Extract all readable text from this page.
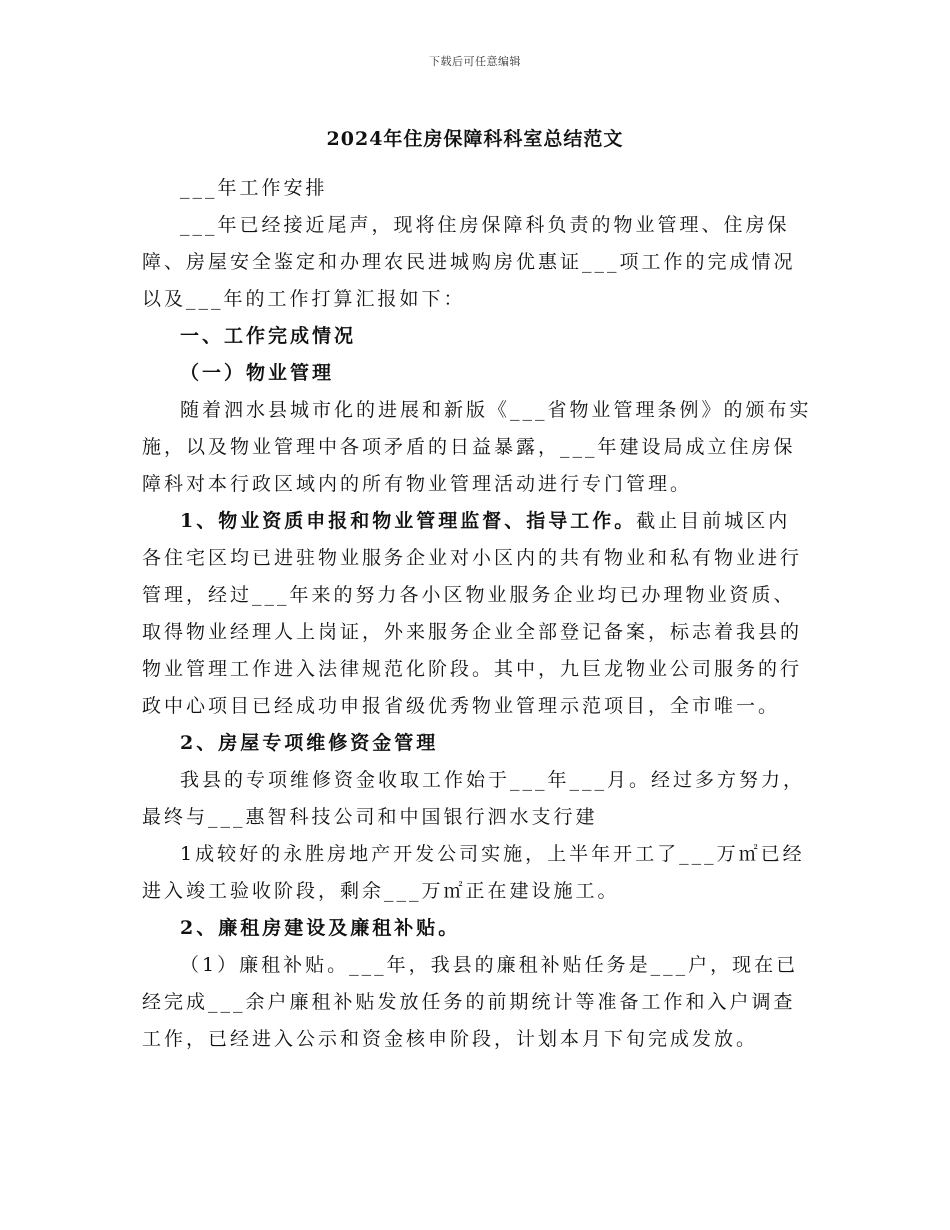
下载后可任意编辑
2024年住房保障科科室总结范文

___年工作安排

___年已经接近尾声，现将住房保障科负责的物业管理、住房保障、房屋安全鉴定和办理农民进城购房优惠证___项工作的完成情况以及___年的工作打算汇报如下：

一、工作完成情况

（一）物业管理

随着泗水县城市化的进展和新版《___省物业管理条例》的颁布实施，以及物业管理中各项矛盾的日益暴露，___年建设局成立住房保障科对本行政区域内的所有物业管理活动进行专门管理。

1、物业资质申报和物业管理监督、指导工作。截止目前城区内各住宅区均已进驻物业服务企业对小区内的共有物业和私有物业进行管理，经过___年来的努力各小区物业服务企业均已办理物业资质、取得物业经理人上岗证，外来服务企业全部登记备案，标志着我县的物业管理工作进入法律规范化阶段。其中，九巨龙物业公司服务的行政中心项目已经成功申报省级优秀物业管理示范项目，全市唯一。

2、房屋专项维修资金管理

我县的专项维修资金收取工作始于___年___月。经过多方努力，最终与___惠智科技公司和中国银行泗水支行建

1成较好的永胜房地产开发公司实施，上半年开工了___万㎡已经进入竣工验收阶段，剩余___万㎡正在建设施工。

2、廉租房建设及廉租补贴。

（1）廉租补贴。___年，我县的廉租补贴任务是___户，现在已经完成___余户廉租补贴发放任务的前期统计等准备工作和入户调查工作，已经进入公示和资金核申阶段，计划本月下旬完成发放。
